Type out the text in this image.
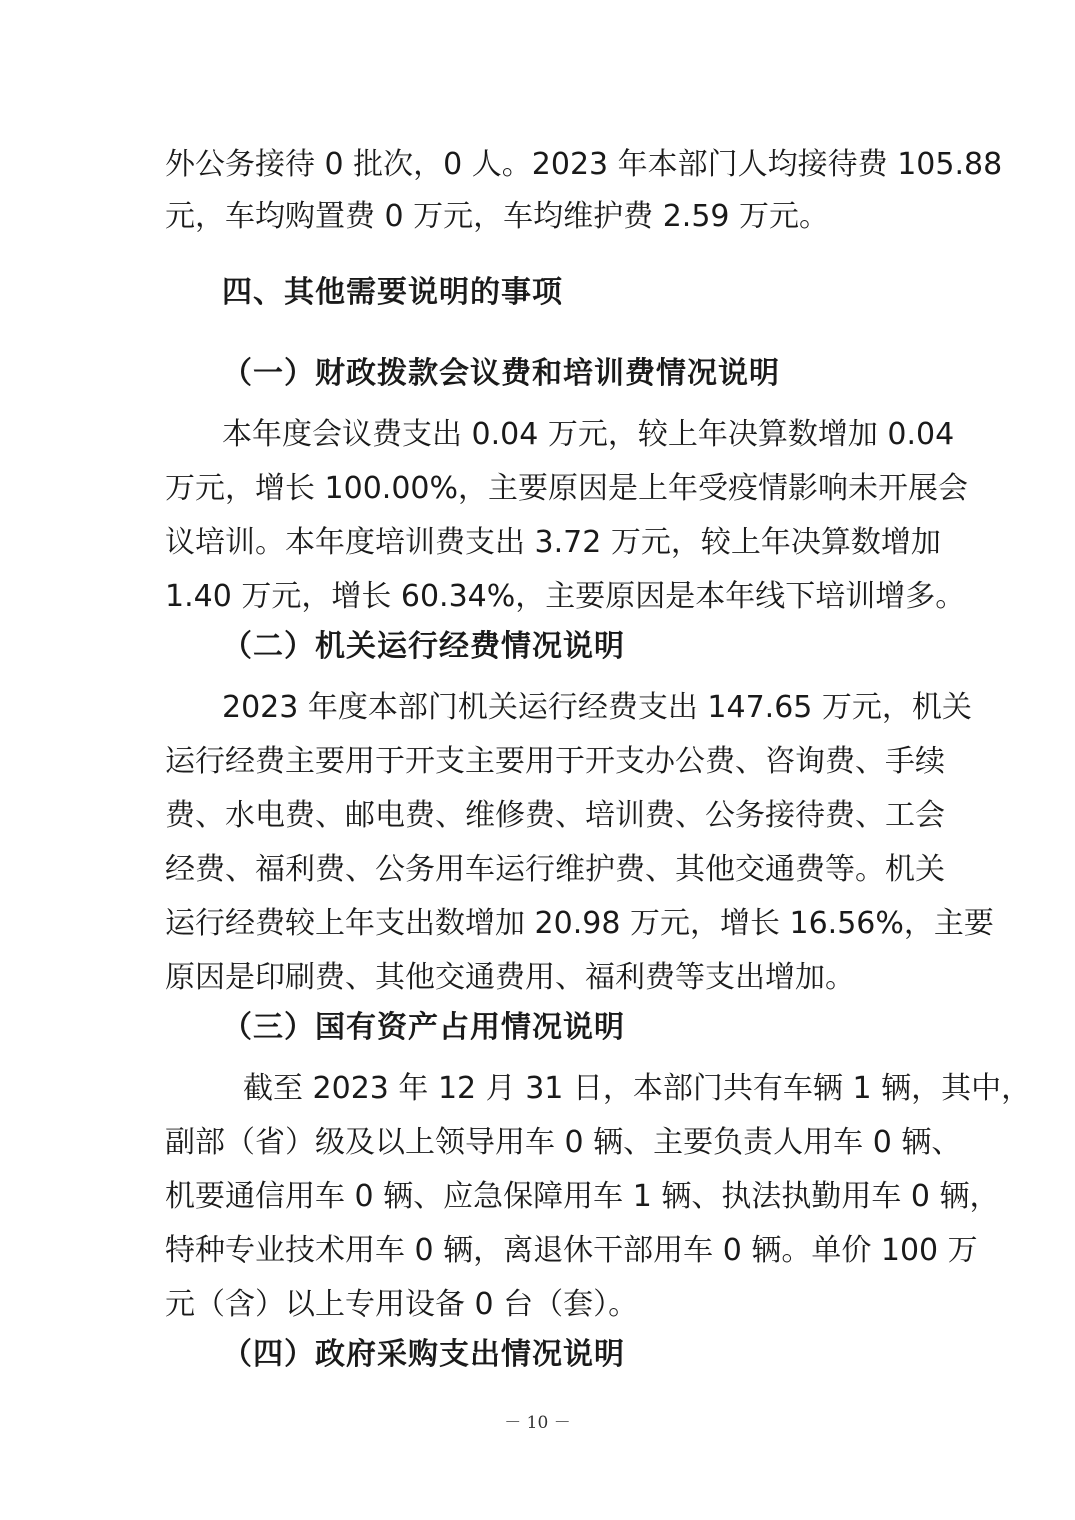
外公务接待 0 批次，0 人。2023 年本部门人均接待费 105.88
元，车均购置费 0 万元，车均维护费 2.59 万元。
四、其他需要说明的事项
（一）财政拨款会议费和培训费情况说明
本年度会议费支出 0.04 万元，较上年决算数增加 0.04
万元，增长 100.00%，主要原因是上年受疫情影响未开展会
议培训。本年度培训费支出 3.72 万元，较上年决算数增加
1.40 万元，增长 60.34%，主要原因是本年线下培训增多。
（二）机关运行经费情况说明
2023 年度本部门机关运行经费支出 147.65 万元，机关
运行经费主要用于开支主要用于开支办公费、咨询费、手续
费、水电费、邮电费、维修费、培训费、公务接待费、工会
经费、福利费、公务用车运行维护费、其他交通费等。机关
运行经费较上年支出数增加 20.98 万元，增长 16.56%，主要
原因是印刷费、其他交通费用、福利费等支出增加。
（三）国有资产占用情况说明
截至 2023 年 12 月 31 日，本部门共有车辆 1 辆，其中，
副部（省）级及以上领导用车 0 辆、主要负责人用车 0 辆、
机要通信用车 0 辆、应急保障用车 1 辆、执法执勤用车 0 辆，
特种专业技术用车 0 辆，离退休干部用车 0 辆。单价 100 万
元（含）以上专用设备 0 台（套）。
（四）政府采购支出情况说明
－ 10 －
